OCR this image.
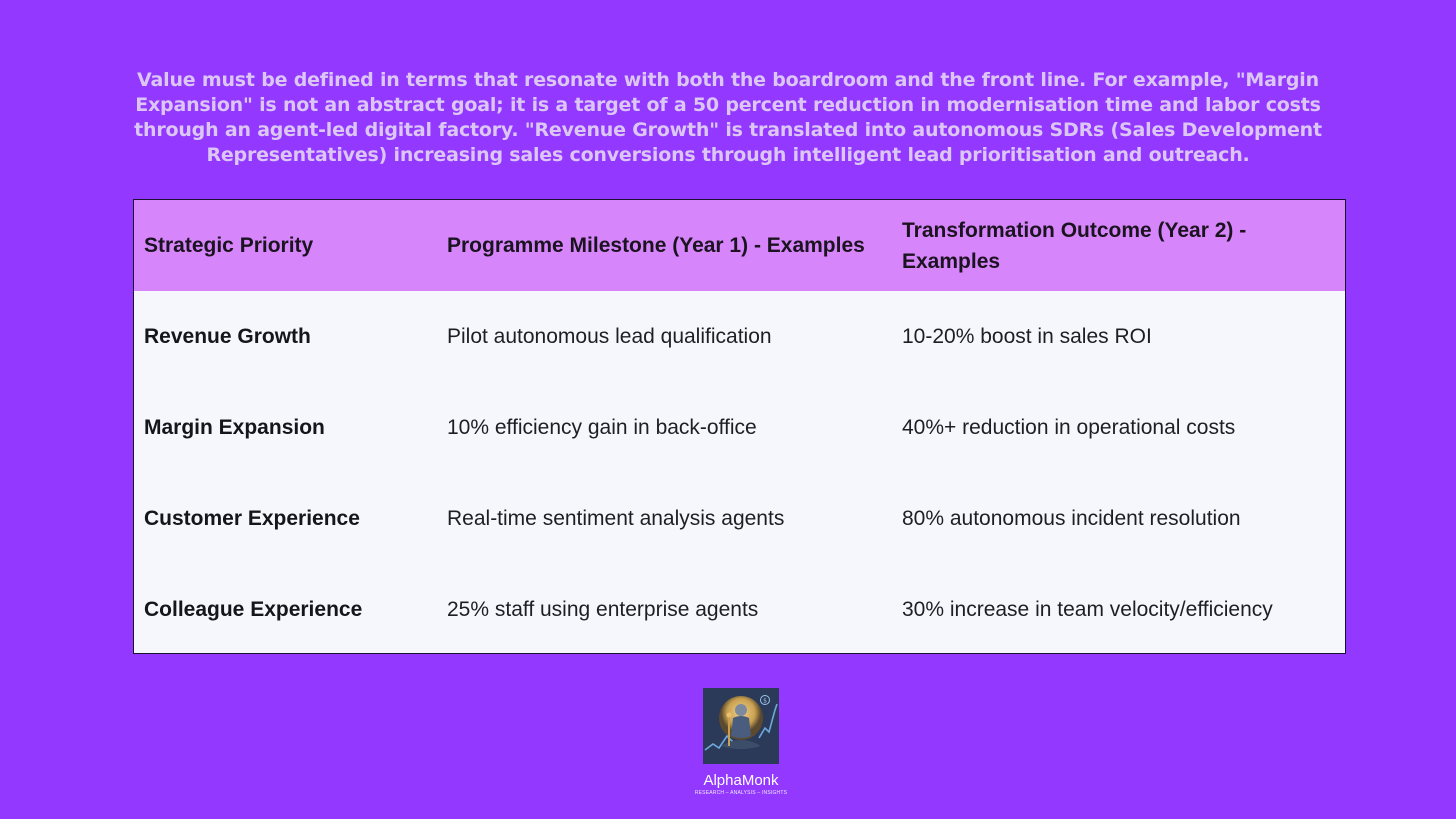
Value must be defined in terms that resonate with both the boardroom and the front line. For example, "Margin Expansion" is not an abstract goal; it is a target of a 50 percent reduction in modernisation time and labor costs through an agent-led digital factory. "Revenue Growth" is translated into autonomous SDRs (Sales Development Representatives) increasing sales conversions through intelligent lead prioritisation and outreach.
Strategic Priority	Programme Milestone (Year 1) - Examples	Transformation Outcome (Year 2) - Examples
Revenue Growth	Pilot autonomous lead qualification	10-20% boost in sales ROI
Margin Expansion	10% efficiency gain in back-office	40%+ reduction in operational costs
Customer Experience	Real-time sentiment analysis agents	80% autonomous incident resolution
Colleague Experience	25% staff using enterprise agents	30% increase in team velocity/efficiency
$
AlphaMonk
RESEARCH – ANALYSIS – INSIGHTS
